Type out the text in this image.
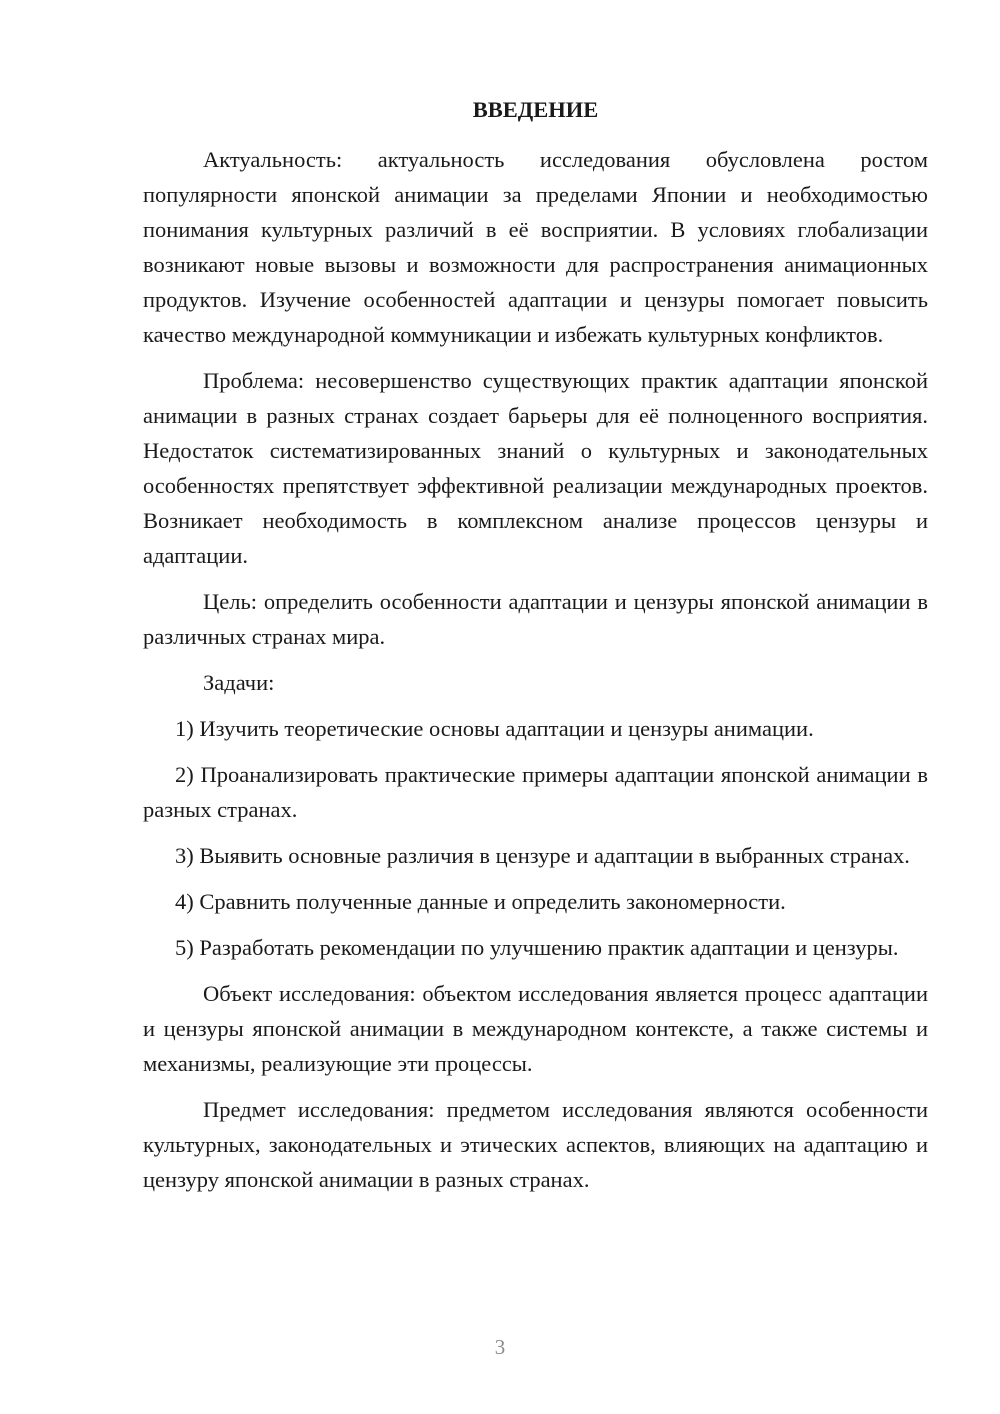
ВВЕДЕНИЕ

Актуальность: актуальность исследования обусловлена ростом популярности японской анимации за пределами Японии и необходимостью понимания культурных различий в её восприятии. В условиях глобализации возникают новые вызовы и возможности для распространения анимационных продуктов. Изучение особенностей адаптации и цензуры помогает повысить качество международной коммуникации и избежать культурных конфликтов.

Проблема: несовершенство существующих практик адаптации японской анимации в разных странах создает барьеры для её полноценного восприятия. Недостаток систематизированных знаний о культурных и законодательных особенностях препятствует эффективной реализации международных проектов. Возникает необходимость в комплексном анализе процессов цензуры и адаптации.

Цель: определить особенности адаптации и цензуры японской анимации в различных странах мира.

Задачи:

1) Изучить теоретические основы адаптации и цензуры анимации.

2) Проанализировать практические примеры адаптации японской анимации в разных странах.

3) Выявить основные различия в цензуре и адаптации в выбранных странах.

4) Сравнить полученные данные и определить закономерности.

5) Разработать рекомендации по улучшению практик адаптации и цензуры.

Объект исследования: объектом исследования является процесс адаптации и цензуры японской анимации в международном контексте, а также системы и механизмы, реализующие эти процессы.

Предмет исследования: предметом исследования являются особенности культурных, законодательных и этических аспектов, влияющих на адаптацию и цензуру японской анимации в разных странах.

3
